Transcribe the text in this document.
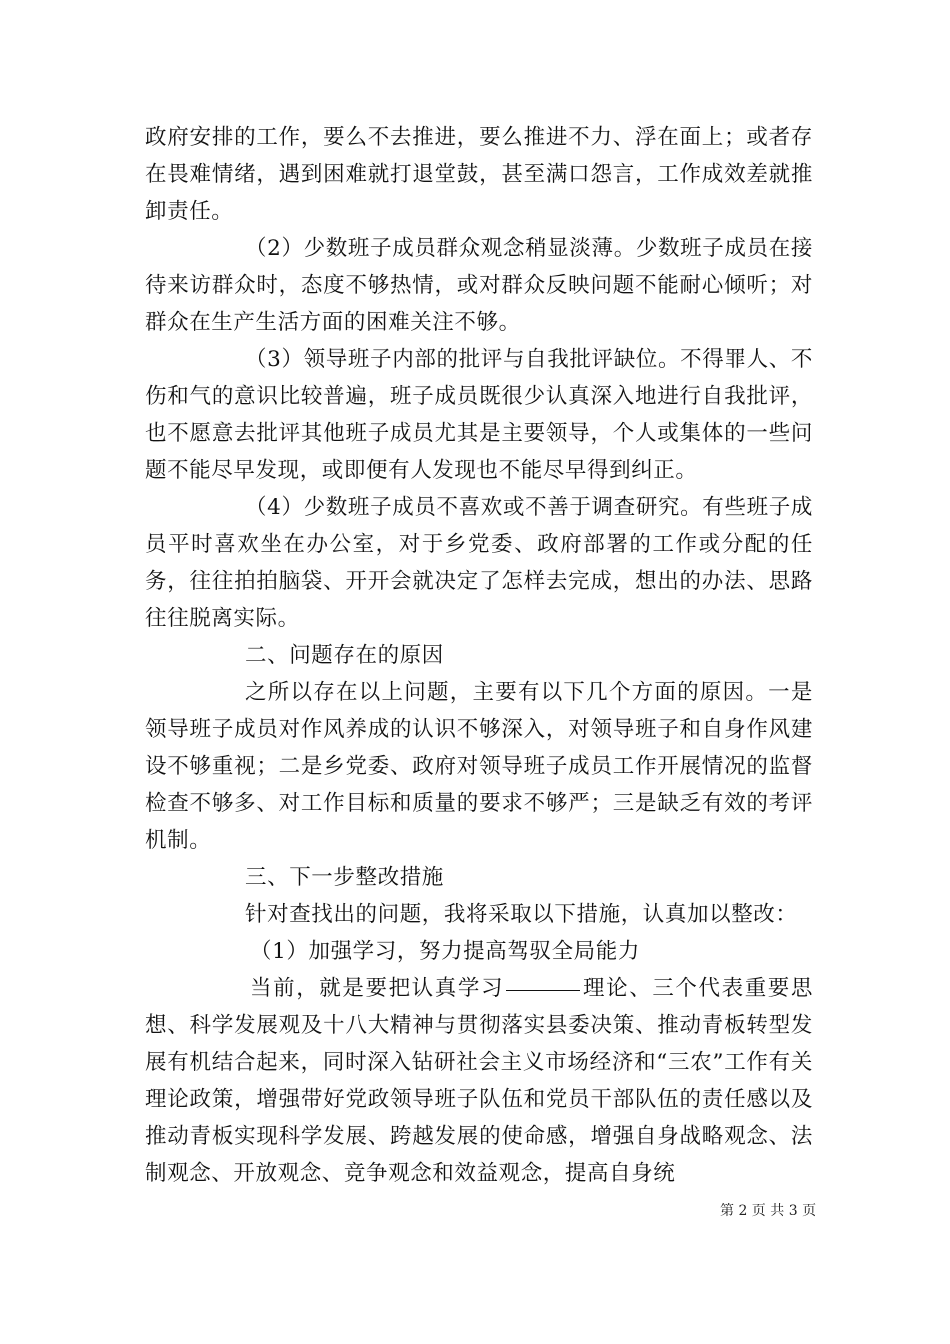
政府安排的工作，要么不去推进，要么推进不力、浮在面上；或者存在畏难情绪，遇到困难就打退堂鼓，甚至满口怨言，工作成效差就推卸责任。

（2）少数班子成员群众观念稍显淡薄。少数班子成员在接待来访群众时，态度不够热情，或对群众反映问题不能耐心倾听；对群众在生产生活方面的困难关注不够。

（3）领导班子内部的批评与自我批评缺位。不得罪人、不伤和气的意识比较普遍，班子成员既很少认真深入地进行自我批评，也不愿意去批评其他班子成员尤其是主要领导，个人或集体的一些问题不能尽早发现，或即便有人发现也不能尽早得到纠正。

（4）少数班子成员不喜欢或不善于调查研究。有些班子成员平时喜欢坐在办公室，对于乡党委、政府部署的工作或分配的任务，往往拍拍脑袋、开开会就决定了怎样去完成，想出的办法、思路往往脱离实际。

二、问题存在的原因

之所以存在以上问题，主要有以下几个方面的原因。一是领导班子成员对作风养成的认识不够深入，对领导班子和自身作风建设不够重视；二是乡党委、政府对领导班子成员工作开展情况的监督检查不够多、对工作目标和质量的要求不够严；三是缺乏有效的考评机制。

三、下一步整改措施

针对查找出的问题，我将采取以下措施，认真加以整改：

（1）加强学习，努力提高驾驭全局能力

当前，就是要把认真学习	理论、三个代表重要思想、科学发展观及十八大精神与贯彻落实县委决策、推动青板转型发展有机结合起来，同时深入钻研社会主义市场经济和“三农”工作有关理论政策，增强带好党政领导班子队伍和党员干部队伍的责任感以及推动青板实现科学发展、跨越发展的使命感，增强自身战略观念、法制观念、开放观念、竞争观念和效益观念，提高自身统

第 2 页 共 3 页
